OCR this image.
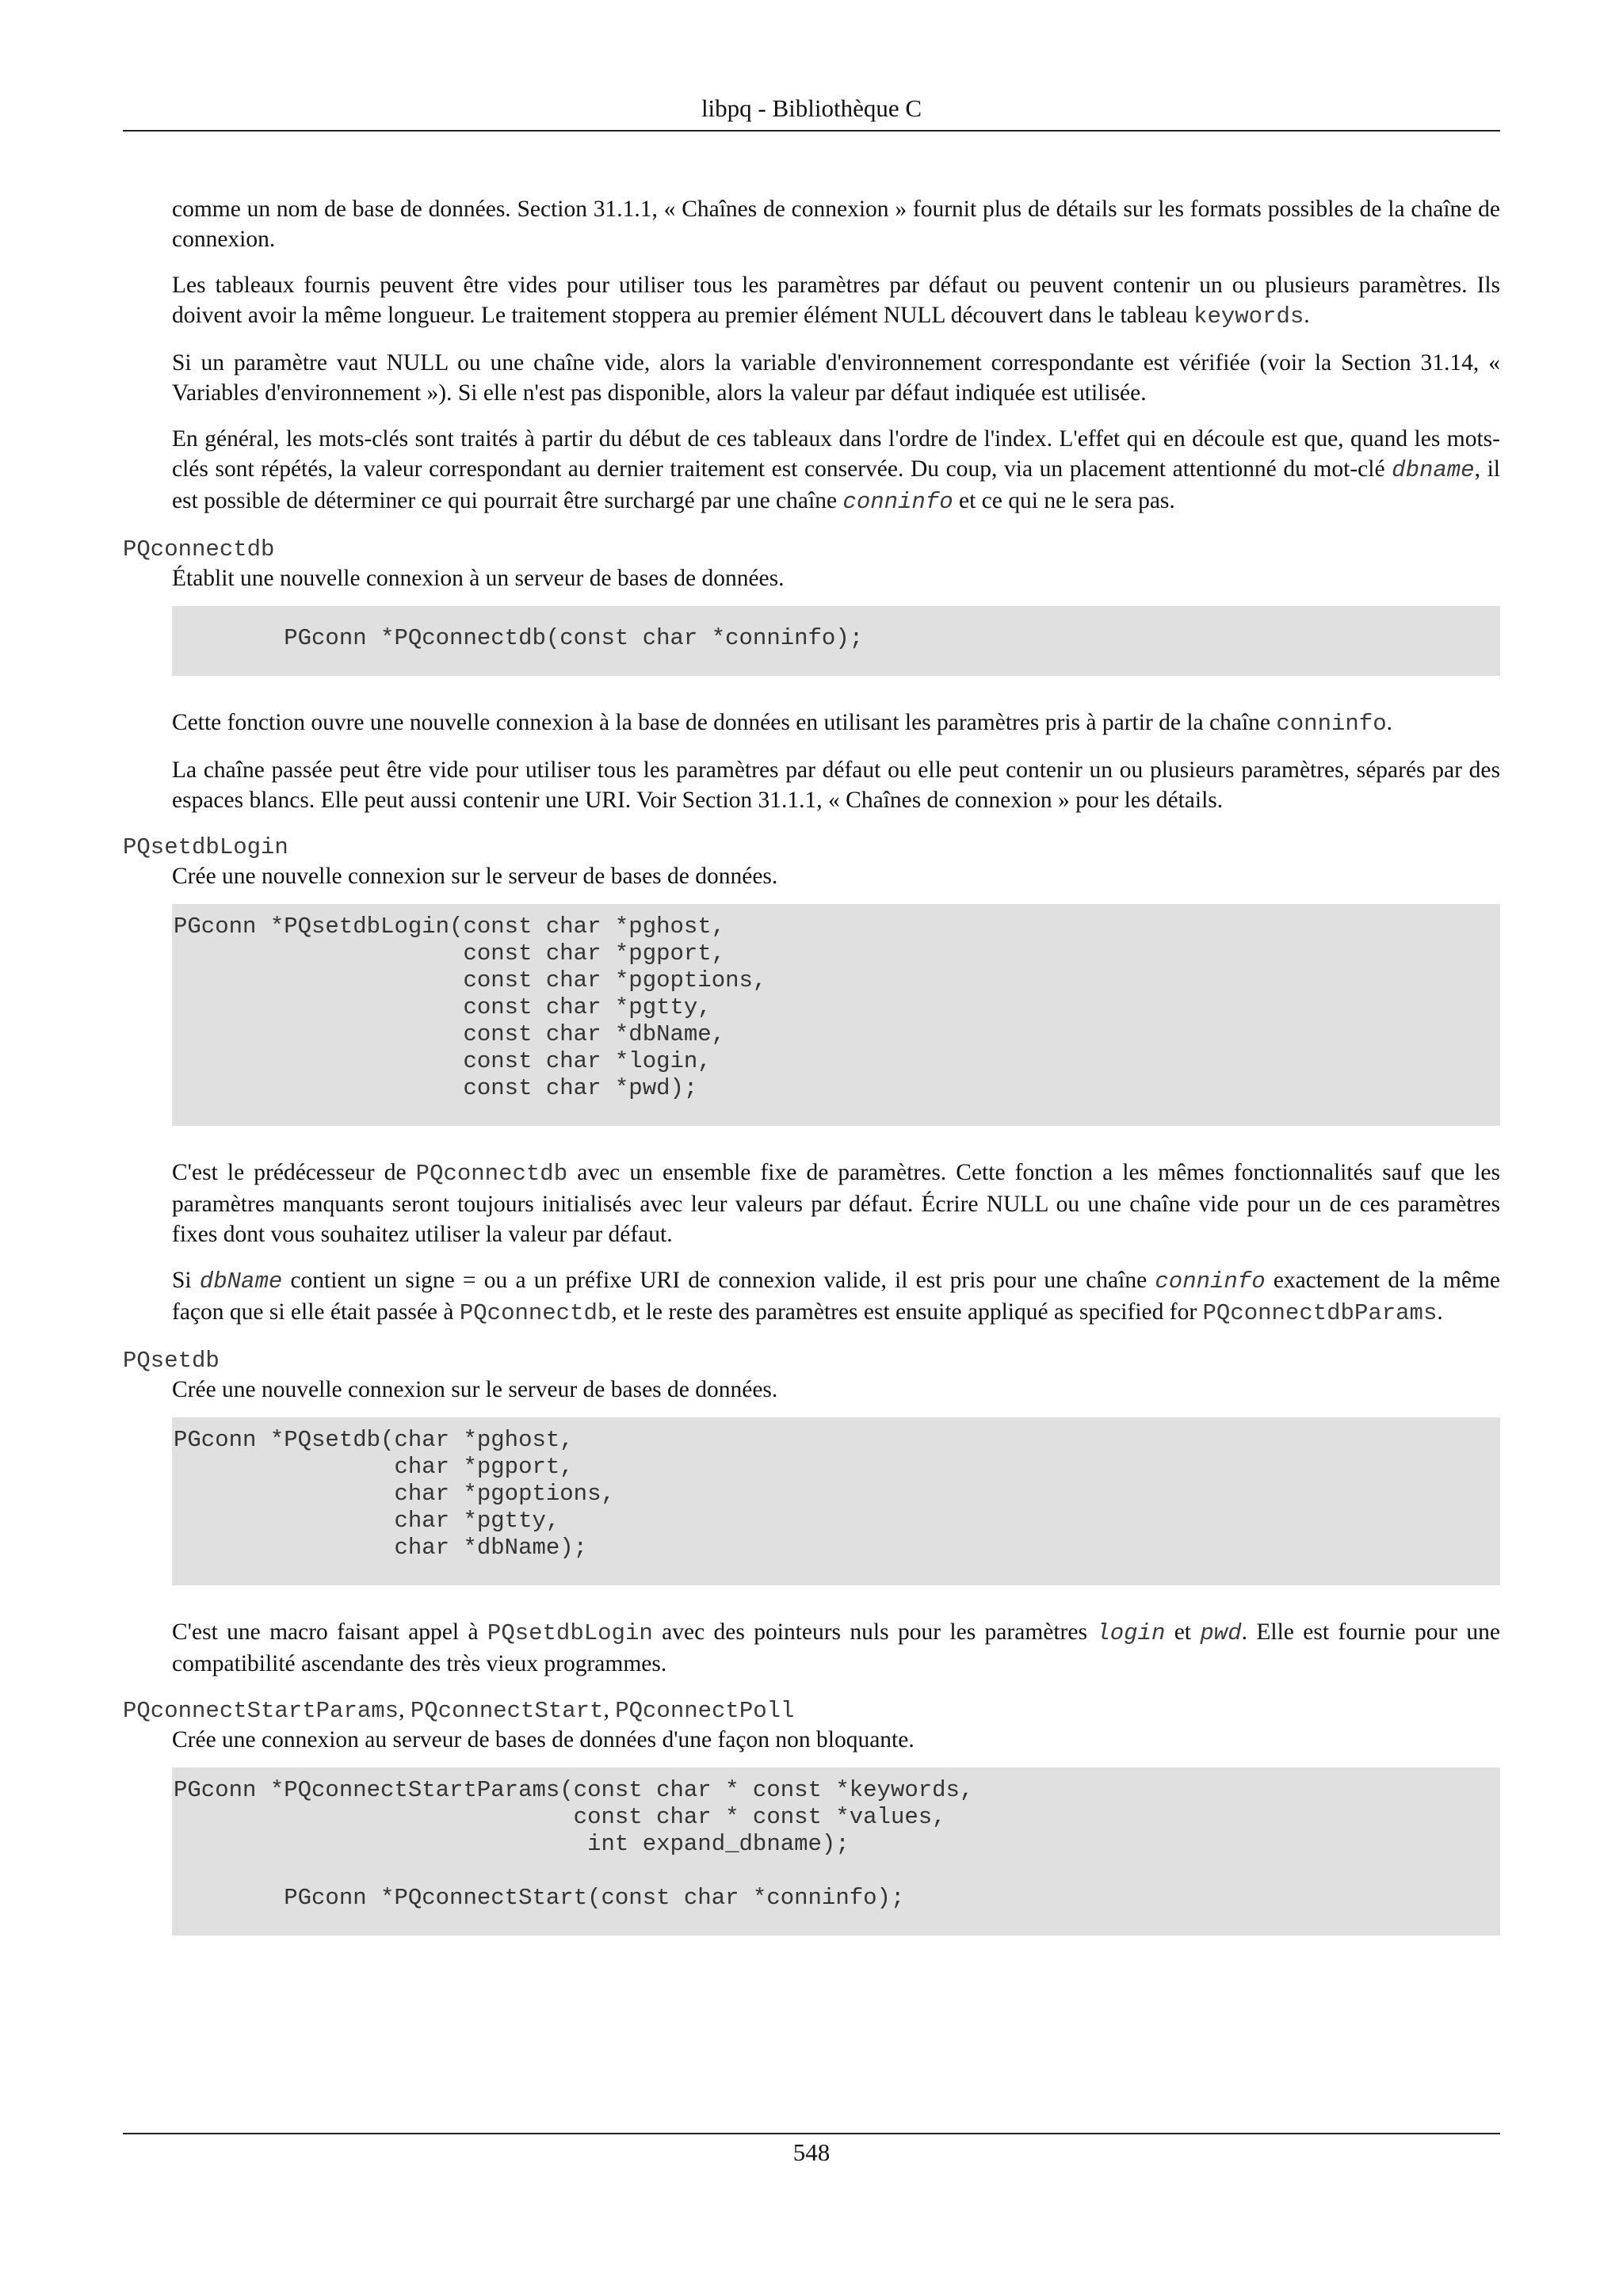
libpq - Bibliothèque C

comme un nom de base de données. Section 31.1.1, « Chaînes de connexion » fournit plus de détails sur les formats possibles de la chaîne de connexion.

Les tableaux fournis peuvent être vides pour utiliser tous les paramètres par défaut ou peuvent contenir un ou plusieurs paramètres. Ils doivent avoir la même longueur. Le traitement stoppera au premier élément NULL découvert dans le tableau keywords.

Si un paramètre vaut NULL ou une chaîne vide, alors la variable d'environnement correspondante est vérifiée (voir la Section 31.14, « Variables d'environnement »). Si elle n'est pas disponible, alors la valeur par défaut indiquée est utilisée.

En général, les mots-clés sont traités à partir du début de ces tableaux dans l'ordre de l'index. L'effet qui en découle est que, quand les mots-clés sont répétés, la valeur correspondant au dernier traitement est conservée. Du coup, via un placement attentionné du mot-clé dbname, il est possible de déterminer ce qui pourrait être surchargé par une chaîne conninfo et ce qui ne le sera pas.

PQconnectdb
Établit une nouvelle connexion à un serveur de bases de données.
PGconn *PQconnectdb(const char *conninfo);

Cette fonction ouvre une nouvelle connexion à la base de données en utilisant les paramètres pris à partir de la chaîne conninfo.

La chaîne passée peut être vide pour utiliser tous les paramètres par défaut ou elle peut contenir un ou plusieurs paramètres, séparés par des espaces blancs. Elle peut aussi contenir une URI. Voir Section 31.1.1, « Chaînes de connexion » pour les détails.

PQsetdbLogin
Crée une nouvelle connexion sur le serveur de bases de données.
PGconn *PQsetdbLogin(const char *pghost,
const char *pgport,
const char *pgoptions,
const char *pgtty,
const char *dbName,
const char *login,
const char *pwd);

C'est le prédécesseur de PQconnectdb avec un ensemble fixe de paramètres. Cette fonction a les mêmes fonctionnalités sauf que les paramètres manquants seront toujours initialisés avec leur valeurs par défaut. Écrire NULL ou une chaîne vide pour un de ces paramètres fixes dont vous souhaitez utiliser la valeur par défaut.

Si dbName contient un signe = ou a un préfixe URI de connexion valide, il est pris pour une chaîne conninfo exactement de la même façon que si elle était passée à PQconnectdb, et le reste des paramètres est ensuite appliqué as specified for PQconnectdbParams.

PQsetdb
Crée une nouvelle connexion sur le serveur de bases de données.
PGconn *PQsetdb(char *pghost,
char *pgport,
char *pgoptions,
char *pgtty,
char *dbName);

C'est une macro faisant appel à PQsetdbLogin avec des pointeurs nuls pour les paramètres login et pwd. Elle est fournie pour une compatibilité ascendante des très vieux programmes.

PQconnectStartParams, PQconnectStart, PQconnectPoll
Crée une connexion au serveur de bases de données d'une façon non bloquante.
PGconn *PQconnectStartParams(const char * const *keywords,
const char * const *values,
int expand_dbname);

PGconn *PQconnectStart(const char *conninfo);
548
